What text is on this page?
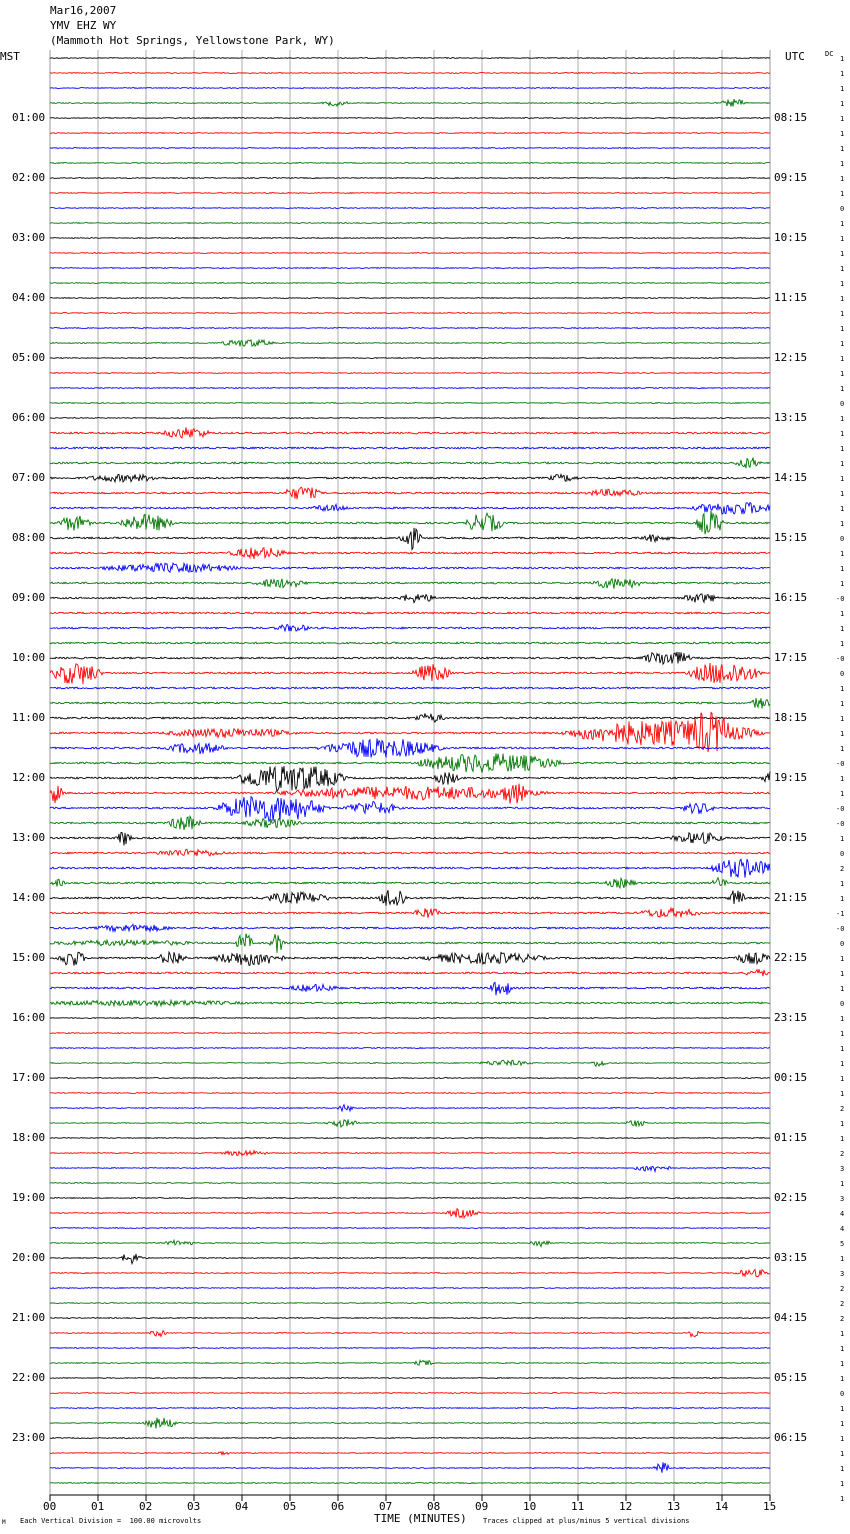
Mar16,2007
YMV EHZ WY
(Mammoth Hot Springs, Yellowstone Park, WY)
MST	UTC	DC
01:00
02:00
03:00
04:00
05:00
06:00
07:00
08:00
09:00
10:00
11:00
12:00
13:00
14:00
15:00
16:00
17:00
18:00
19:00
20:00
21:00
22:00
23:00
08:15
09:15
10:15
11:15
12:15
13:15
14:15
15:15
16:15
17:15
18:15
19:15
20:15
21:15
22:15
23:15
00:15
01:15
02:15
03:15
04:15
05:15
06:15
1
1
1
1
1
1
1
1
1
1
0
1
1
1
1
1
1
1
1
1
1
1
1
0
1
1
1
1
1
1
1
1
0
1
1
1
-0
1
1
1
-0
0
1
1
1
1
1
-0
1
1
-0
-0
1
0
2
1
1
-1
-0
0
1
1
1
0
1
1
1
1
1
1
2
1
1
2
3
1
3
4
4
5
1
3
2
2
2
1
1
1
1
0
1
1
1
1
1
1
1
00	01	02	03	04	05	06	07	08	09	10	11	12	13	14	15
TIME (MINUTES)
Each Vertical Division =  100.00 microvolts	Traces clipped at plus/minus 5 vertical divisions
M
